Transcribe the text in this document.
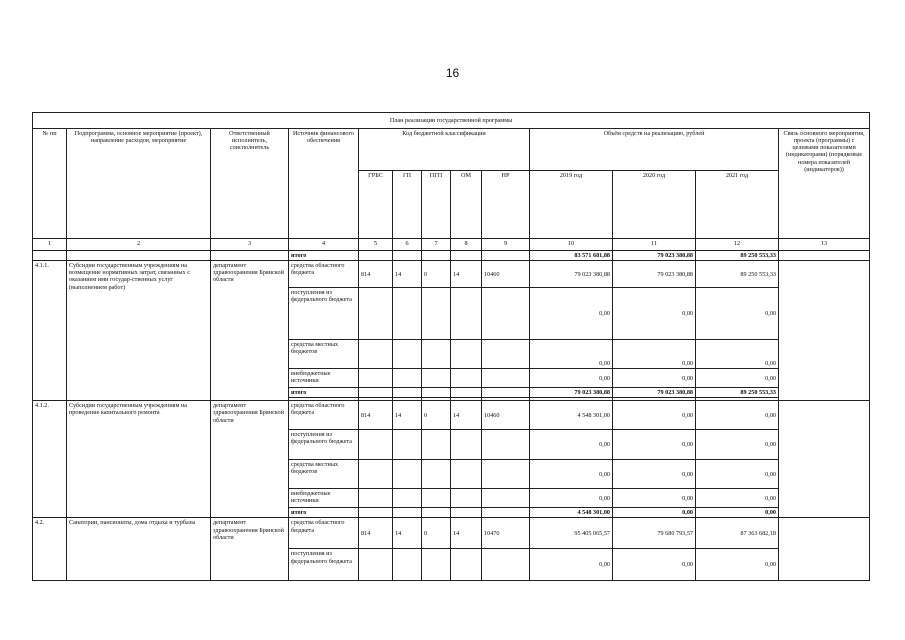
16
План реализации государственной программы												
№ пп	Подпрограмма, основное мероприятие (проект), направление расходов, мероприятие	Ответственный исполнитель, соисполнитель	Источник финансового обеспечения	Код бюджетной классификации					Объём средств на реализацию, рублей			Связь основного мероприятия, проекта (программы) с целевыми показателями (индикаторами) (порядковые номера показателей (индикаторов))
				ГРБС	ГП	ПГП	ОМ	НР	2019 год	2020 год	2021 год	
1	2	3	4	5	6	7	8	9	10	11	12	13
			итого						83 571 681,88	79 023 380,88	89 250 553,33	
4.1.1.	Субсидии государственным учреждениям на возмещение нормативных затрат, связанных с оказанием ими государ-ственных услуг (выполнением работ)	департамент здравоохранения Брянской области	средства областного бюджета	814	14	0	14	10460	79 023 380,88	79 023 380,88	89 250 553,33	
			поступления из федерального бюджета						0,00	0,00	0,00	
			средства местных бюджетов						0,00	0,00	0,00	
			внебюджетные источники						0,00	0,00	0,00	
			итого						79 023 380,88	79 023 380,88	89 250 553,33	

4.1.2.	Субсидии государственным учреждениям на проведение капитального ремонта	департамент здравоохранения Брянской области	средства областного бюджета	814	14	0	14	10460	4 548 301,00	0,00	0,00	
			поступления из федерального бюджета						0,00	0,00	0,00	
			средства местных бюджетов						0,00	0,00	0,00	
			внебюджетные источники						0,00	0,00	0,00	
			итого						4 548 301,00	0,00	0,00	
4.2.	Санатории, пансионаты, дома отдыха и турбазы	департамент здравоохранения Брянской области	средства областного бюджета	814	14	0	14	10470	95 405 065,57	79 680 793,57	87 363 682,18	
			поступления из федерального бюджета						0,00	0,00	0,00	
